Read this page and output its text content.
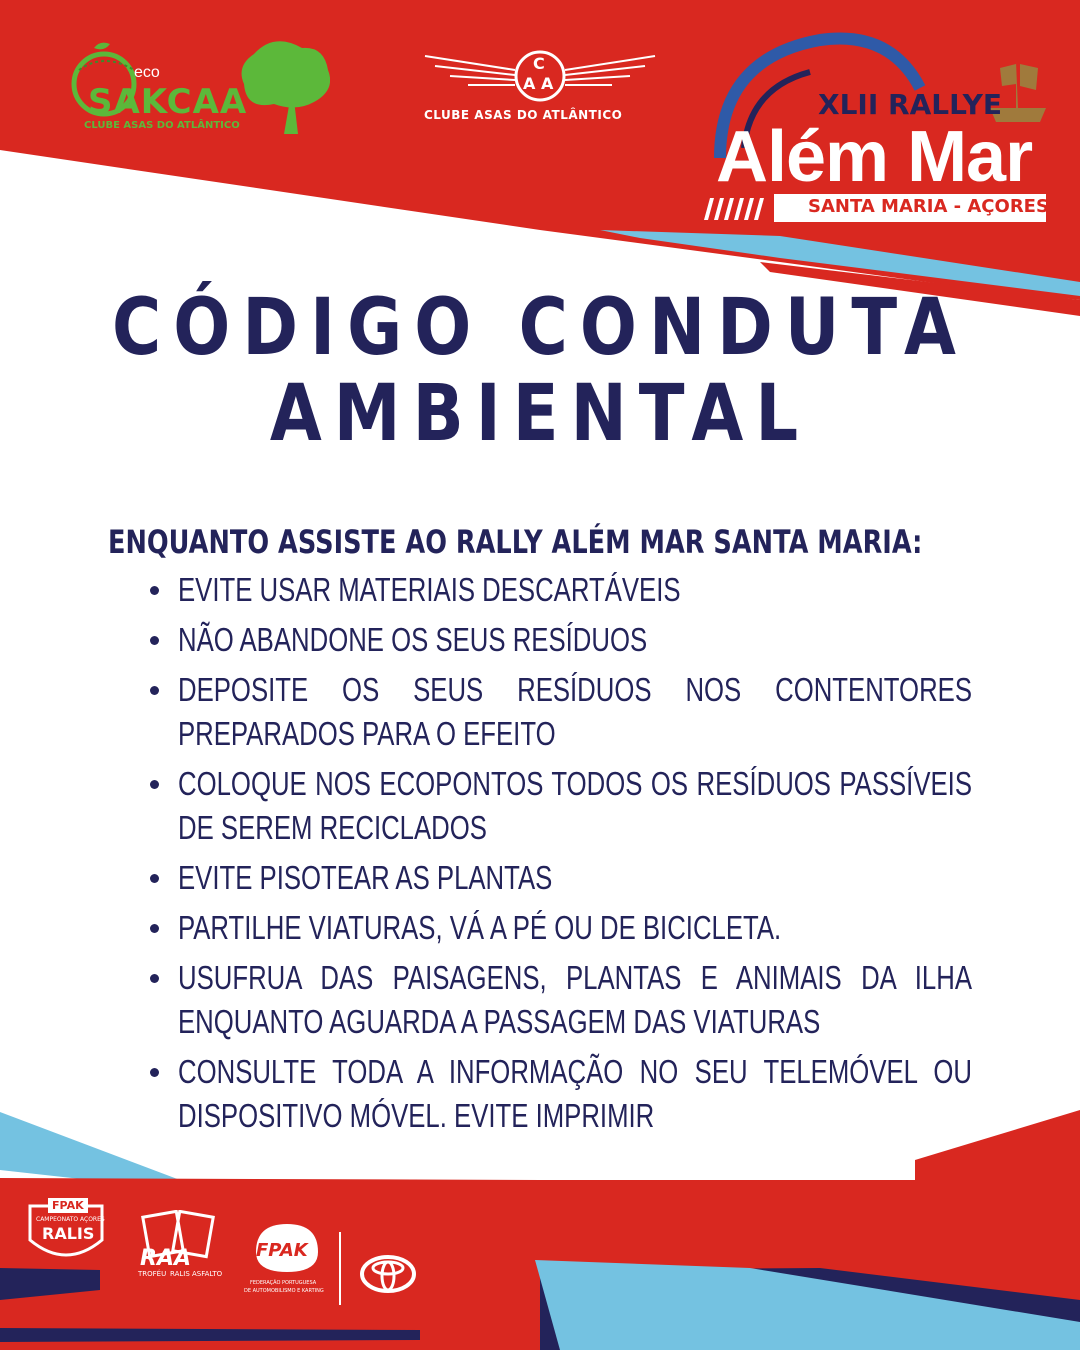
eco
SAKCAA
CLUBE ASAS DO ATLÂNTICO
C
A A
CLUBE ASAS DO ATLÂNTICO	XLII RALLYE
Além Mar
SANTA MARIA - AÇORES
CÓDIGO CONDUTA
AMBIENTAL
ENQUANTO ASSISTE AO RALLY ALÉM MAR SANTA MARIA:
EVITE USAR MATERIAIS DESCARTÁVEIS
NÃO ABANDONE OS SEUS RESÍDUOS
DEPOSITE OS SEUS RESÍDUOS NOS CONTENTORES PREPARADOS PARA O EFEITO
COLOQUE NOS ECOPONTOS TODOS OS RESÍDUOS PASSÍVEIS DE SEREM RECICLADOS
EVITE PISOTEAR AS PLANTAS
PARTILHE VIATURAS, VÁ A PÉ OU DE BICICLETA.
USUFRUA DAS PAISAGENS, PLANTAS E ANIMAIS DA ILHA ENQUANTO AGUARDA A PASSAGEM DAS VIATURAS
CONSULTE TODA A INFORMAÇÃO NO SEU TELEMÓVEL OU DISPOSITIVO MÓVEL. EVITE IMPRIMIR
FPAK
CAMPEONATO AÇORES
RALIS
RAA
TROFÉU RALIS ASFALTO
FPAK
FEDERAÇÃO PORTUGUESA
DE AUTOMOBILISMO E KARTING
